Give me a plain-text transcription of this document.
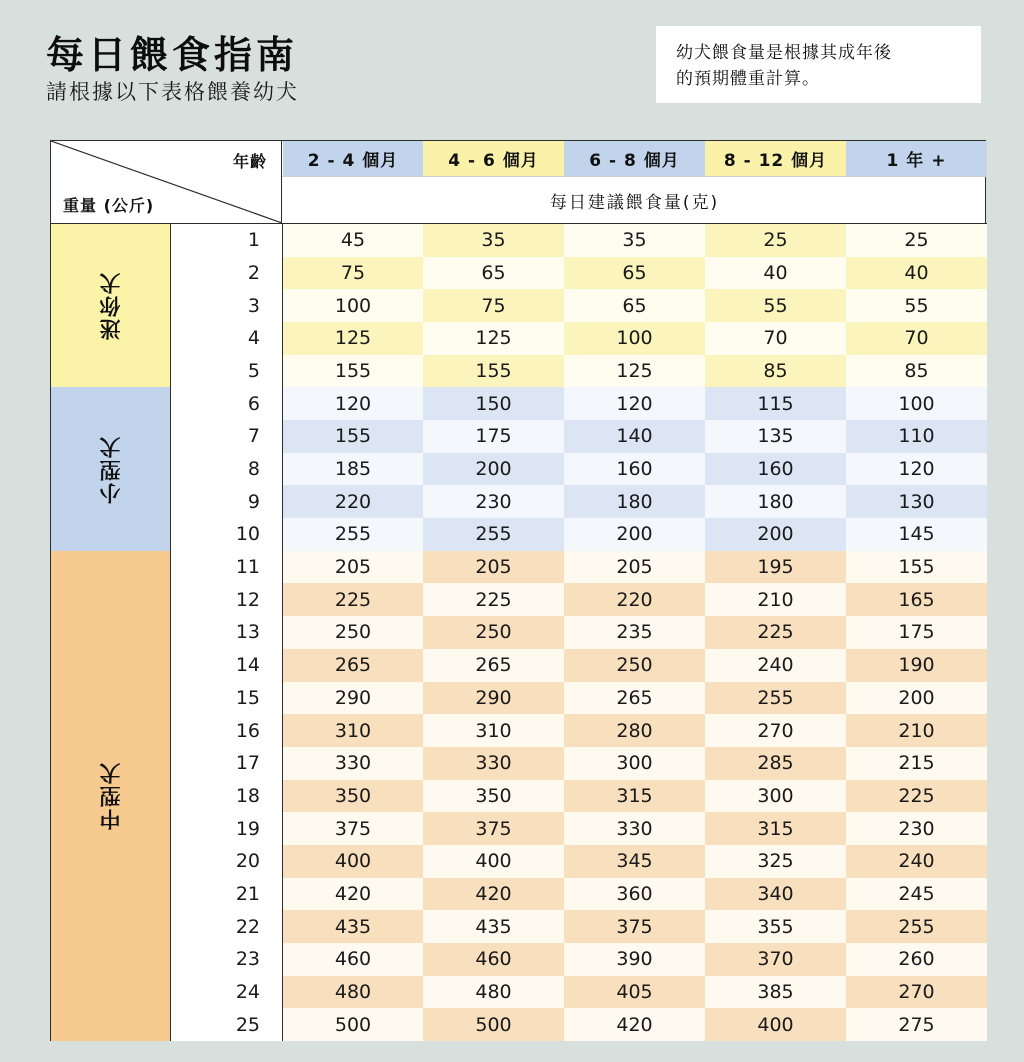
每日餵食指南
請根據以下表格餵養幼犬
幼犬餵食量是根據其成年後
的預期體重計算。
年齡
重量 (公斤)	每日建議餵食量(克)
2 - 4 個月	4 - 6 個月	6 - 8 個月	8 - 12 個月	1 年 +
迷你犬
1	45	35	35	25	25
2	75	65	65	40	40
3	100	75	65	55	55
4	125	125	100	70	70
5	155	155	125	85	85
小型犬
6	120	150	120	115	100
7	155	175	140	135	110
8	185	200	160	160	120
9	220	230	180	180	130
10	255	255	200	200	145
中型犬
11	205	205	205	195	155
12	225	225	220	210	165
13	250	250	235	225	175
14	265	265	250	240	190
15	290	290	265	255	200
16	310	310	280	270	210
17	330	330	300	285	215
18	350	350	315	300	225
19	375	375	330	315	230
20	400	400	345	325	240
21	420	420	360	340	245
22	435	435	375	355	255
23	460	460	390	370	260
24	480	480	405	385	270
25	500	500	420	400	275
